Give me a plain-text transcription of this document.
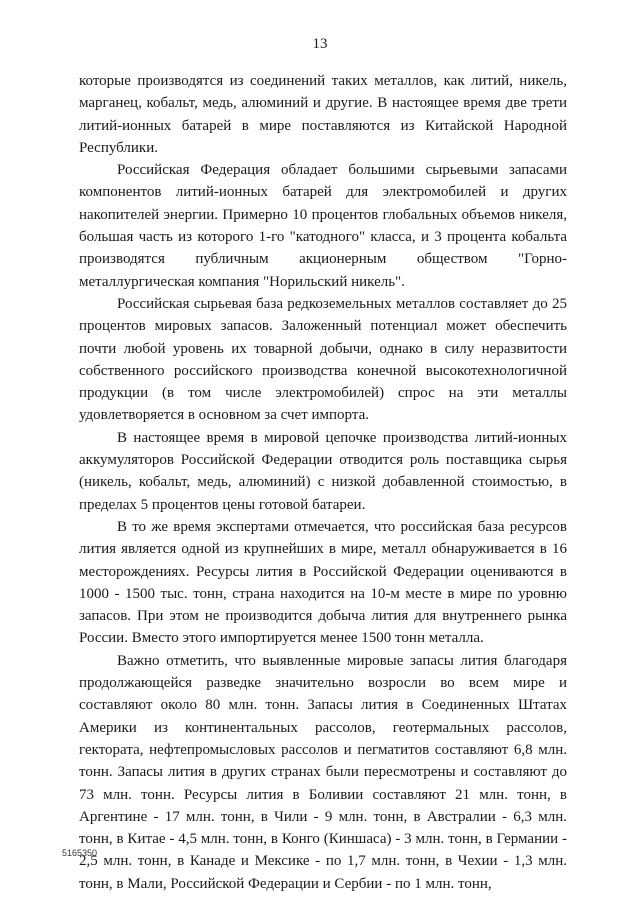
13

которые производятся из соединений таких металлов, как литий, никель, марганец, кобальт, медь, алюминий и другие. В настоящее время две трети литий-ионных батарей в мире поставляются из Китайской Народной Республики.

Российская Федерация обладает большими сырьевыми запасами компонентов литий-ионных батарей для электромобилей и других накопителей энергии. Примерно 10 процентов глобальных объемов никеля, большая часть из которого 1-го "катодного" класса, и 3 процента кобальта производятся публичным акционерным обществом "Горно-металлургическая компания "Норильский никель".

Российская сырьевая база редкоземельных металлов составляет до 25 процентов мировых запасов. Заложенный потенциал может обеспечить почти любой уровень их товарной добычи, однако в силу неразвитости собственного российского производства конечной высокотехнологичной продукции (в том числе электромобилей) спрос на эти металлы удовлетворяется в основном за счет импорта.

В настоящее время в мировой цепочке производства литий-ионных аккумуляторов Российской Федерации отводится роль поставщика сырья (никель, кобальт, медь, алюминий) с низкой добавленной стоимостью, в пределах 5 процентов цены готовой батареи.

В то же время экспертами отмечается, что российская база ресурсов лития является одной из крупнейших в мире, металл обнаруживается в 16 месторождениях. Ресурсы лития в Российской Федерации оцениваются в 1000 - 1500 тыс. тонн, страна находится на 10-м месте в мире по уровню запасов. При этом не производится добыча лития для внутреннего рынка России. Вместо этого импортируется менее 1500 тонн металла.

Важно отметить, что выявленные мировые запасы лития благодаря продолжающейся разведке значительно возросли во всем мире и составляют около 80 млн. тонн. Запасы лития в Соединенных Штатах Америки из континентальных рассолов, геотермальных рассолов, гектората, нефтепромысловых рассолов и пегматитов составляют 6,8 млн. тонн. Запасы лития в других странах были пересмотрены и составляют до 73 млн. тонн. Ресурсы лития в Боливии составляют 21 млн. тонн, в Аргентине - 17 млн. тонн, в Чили - 9 млн. тонн, в Австралии - 6,3 млн. тонн, в Китае - 4,5 млн. тонн, в Конго (Киншаса) - 3 млн. тонн, в Германии - 2,5 млн. тонн, в Канаде и Мексике - по 1,7 млн. тонн, в Чехии - 1,3 млн. тонн, в Мали, Российской Федерации и Сербии - по 1 млн. тонн,

5165350
